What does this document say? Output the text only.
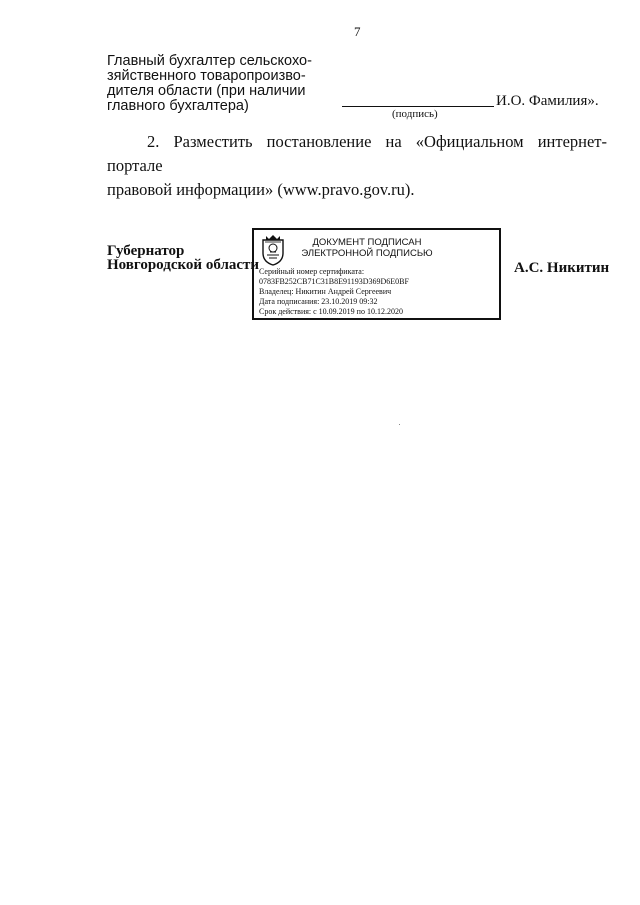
7
Главный бухгалтер сельскохо-
зяйственного товаропроизво-
дителя области (при наличии
главного бухгалтера)	(подпись)
И.О. Фамилия».
2. Разместить постановление на «Официальном интернет-портале
правовой информации» (www.pravo.gov.ru).
Губернатор
Новгородской области
ДОКУМЕНТ ПОДПИСАН
ЭЛЕКТРОННОЙ ПОДПИСЬЮ
Серийный номер сертификата:
0783FB252CB71C31B8E91193D369D6E0BF
Владелец: Никитин Андрей Сергеевич
Дата подписания: 23.10.2019 09:32
Срок действия: с 10.09.2019 по 10.12.2020
А.С. Никитин
